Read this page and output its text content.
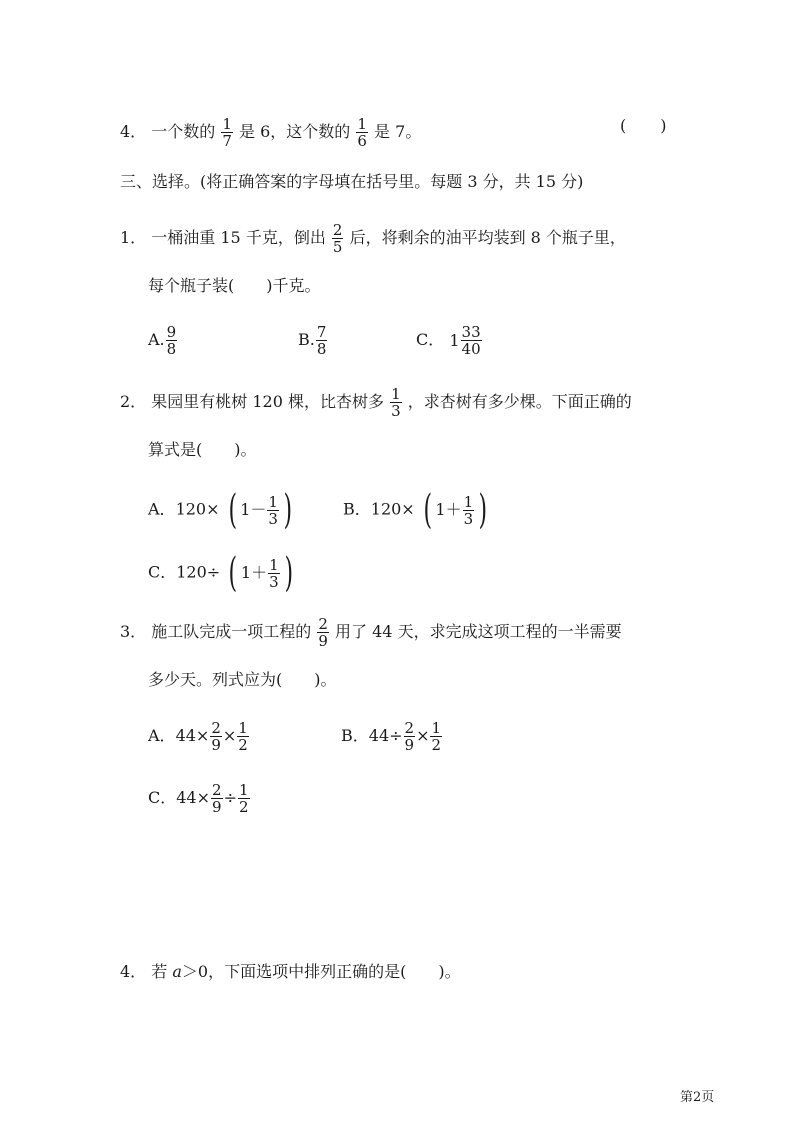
4． 一个数的 $\frac{1}{7}$ 是 6，这个数的 $\frac{1}{6}$ 是 7。	( )
三、选择。(将正确答案的字母填在括号里。每题 3 分，共 15 分)
1． 一桶油重 15 千克，倒出 $\frac{2}{5}$ 后，将剩余的油平均装到 8 个瓶子里，
每个瓶子装( )千克。
A. $\frac{9}{8}$	B. $\frac{7}{8}$	C． $1 \frac{33}{40}$
2． 果园里有桃树 120 棵，比杏树多 $\frac{1}{3}$ ，求杏树有多少棵。下面正确的
算式是( )。
A．120× ( $1- \frac{1}{3}$ )	B．120× ( $1+ \frac{1}{3}$ )
C．120÷ ( $1+ \frac{1}{3}$ )
3． 施工队完成一项工程的 $\frac{2}{9}$ 用了 44 天，求完成这项工程的一半需要
多少天。列式应为( )。
A．$44\times \frac{2}{9} \times \frac{1}{2}$	B．$44\div \frac{2}{9} \times \frac{1}{2}$
C．$44\times \frac{2}{9} \div \frac{1}{2}$
4． 若 a＞0，下面选项中排列正确的是( )。
第2页
